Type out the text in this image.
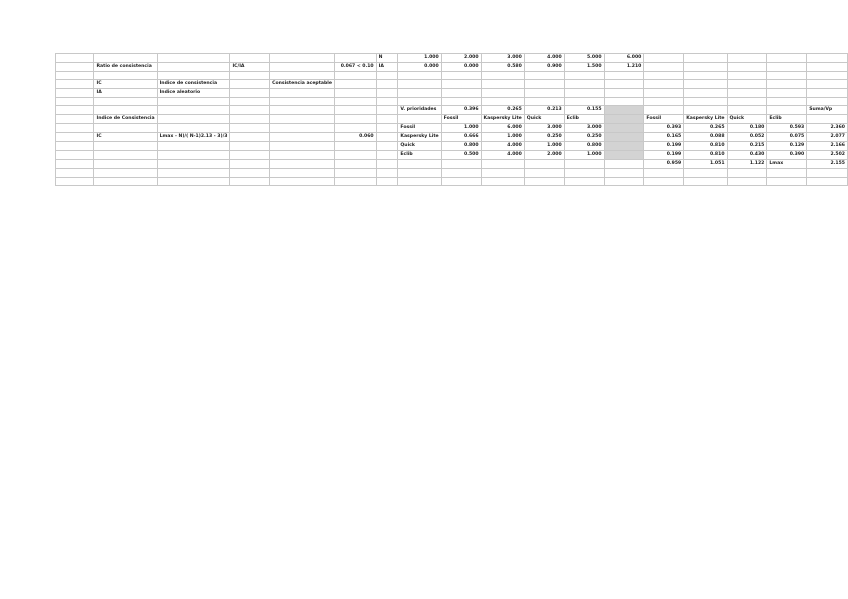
						N	1.000	2.000	3.000	4.000	5.000	6.000					
	Ratio de consistencia		IC/IA		0.067 < 0.10	IA	0.000	0.000	0.580	0.900	1.500	1.210					

	IC	Indice de consistencia		Consistencia aceptable													
	IA	Indice aleatorio															

							V. prioridades	0.396	0.265	0.213	0.155						Suma/Vp
	Indice de Consistencia							Fossil	Kaspersky Lite	Quick	Eclib		Fossil	Kaspersky Lite	Quick	Eclib	
							Fossil	1.000	6.000	3.000	3.000		0.393	0.265	0.180	0.593	2.360
	IC	Lmax - N)/( N-1)2.13 - 3)/3			0.060		Kaspersky Lite	0.666	1.000	0.250	0.250		0.165	0.088	0.052	0.075	2.077
							Quick	0.800	4.000	1.000	0.800		0.199	0.810	0.215	0.129	2.166
							Eclib	0.500	4.000	2.000	1.000		0.199	0.810	0.430	0.390	2.502
													0.959	1.051	1.122	Lmax	2.155
